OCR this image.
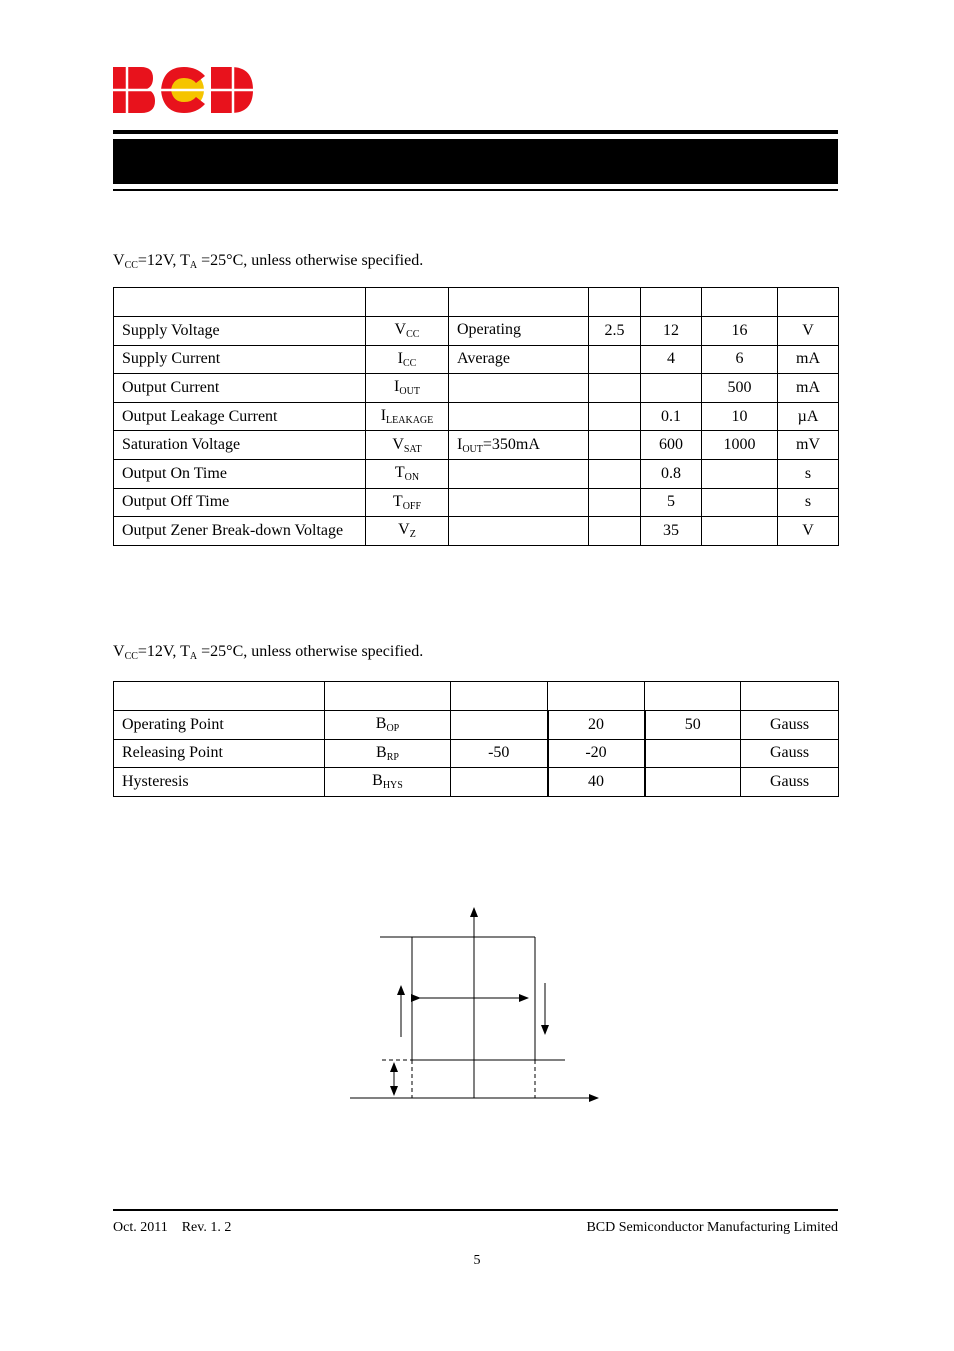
$V_{CC}=12V$, $T_A =25^\circ C$, unless otherwise specified.

Supply Voltage	$V_{CC}$	Operating	2.5	12	16	V
Supply Current	$I_{CC}$	Average		4	6	mA
Output Current	$I_{OUT}$				500	mA
Output Leakage Current	$I_{LEAKAGE}$			0.1	10	µA
Saturation Voltage	$V_{SAT}$	$I_{OUT}=350mA$		600	1000	mV
Output On Time	$T_{ON}$			0.8		s
Output Off Time	$T_{OFF}$			5		s
Output Zener Break-down Voltage	$V_Z$			35		V
$V_{CC}=12V$, $T_A =25^\circ C$, unless otherwise specified.

Operating Point	$B_{OP}$		20	50	Gauss
Releasing Point	$B_{RP}$	-50	-20		Gauss
Hysteresis	$B_{HYS}$		40		Gauss
Oct. 2011 Rev. 1. 2	BCD Semiconductor Manufacturing Limited
5
